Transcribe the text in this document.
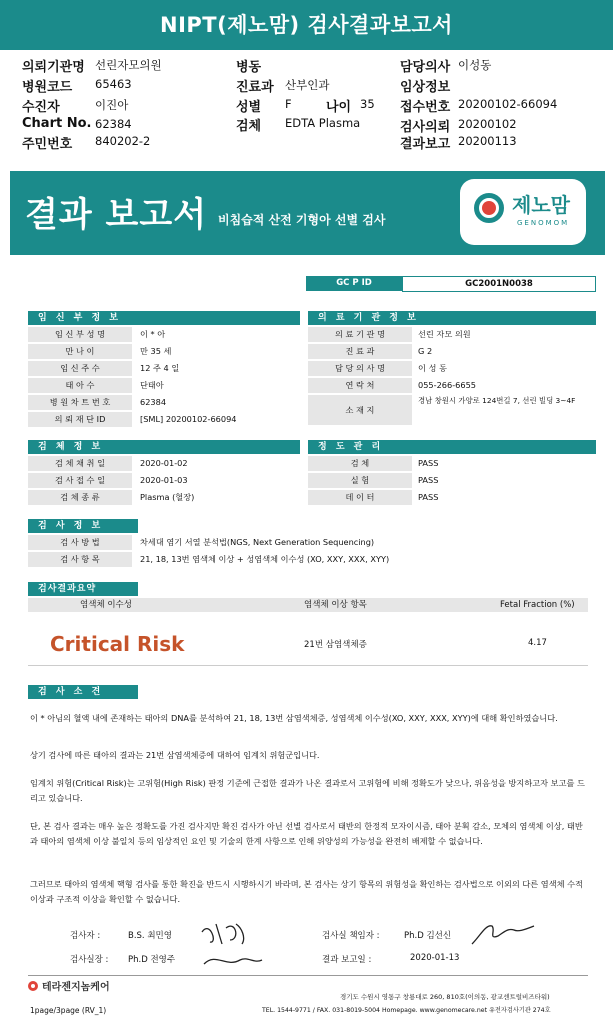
NIPT(제노맘) 검사결과보고서
의뢰기관명 선린자모의원
병원코드 65463
수진자	이진아
Chart No. 62384
주민번호 840202-2
병동
진료과 산부인과
성별 F	나이 35
검체 EDTA Plasma
담당의사 이성동
임상정보
접수번호 20200102-66094
검사의뢰 20200102
결과보고 20200113
결과 보고서 비침습적 산전 기형아 선별 검사
제노맘
GENOMOM
GC P ID	GC2001N0038
임 신 부 정 보
임 신 부 성 명	이 * 아
만 나 이	만 35 세
임 신 주 수	12 주 4 일
태 아 수	단태아
병 원 차 트 번 호	62384
의 뢰 재 단 ID	[SML] 20200102-66094
의 료 기 관 정 보
의 료 기 관 명	선린 자모 의원
진 료 과	G 2
담 당 의 사 명	이 성 동
연 락 처	055-266-6655
소 재 지
경남 창원시 가양로 124번길 7, 선린 빌딩 3~4F
검 체 정 보
검 체 채 취 일	2020-01-02
검 사 접 수 일	2020-01-03
검 체 종 류	Plasma (혈장)
정 도 관 리
검 체	PASS
실 험	PASS
데 이 터	PASS
검 사 정 보
검 사 방 법	차세대 염기 서열 분석법(NGS, Next Generation Sequencing)
검 사 항 목	21, 18, 13번 염색체 이상 + 성염색체 이수성 (XO, XXY, XXX, XYY)
검사결과요약
염색체 이수성	염색체 이상 항목	Fetal Fraction (%)
Critical Risk	21번 삼염색체증	4.17
검 사 소 견
이 * 아님의 혈액 내에 존재하는 태아의 DNA를 분석하여 21, 18, 13번 삼염색체증, 성염색체 이수성(XO, XXY, XXX, XYY)에 대해 확인하였습니다.
상기 검사에 따른 태아의 결과는 21번 삼염색체증에 대하여 임계치 위험군입니다.
임계치 위험(Critical Risk)는 고위험(High Risk) 판정 기준에 근접한 결과가 나온 결과로서 고위험에 비해 정확도가 낮으나, 위음성을 방지하고자 보고를 드리고 있습니다.
단, 본 검사 결과는 매우 높은 정확도를 가진 검사지만 확진 검사가 아닌 선별 검사로서 태반의 한정적 모자이시즘, 태아 분획 감소, 모체의 염색체 이상, 태반과 태아의 염색체 이상 불일치 등의 임상적인 요인 및 기술의 한계 사항으로 인해 위양성의 가능성을 완전히 배제할 수 없습니다.
그러므로 태아의 염색체 핵형 검사를 통한 확진을 반드시 시행하시기 바라며, 본 검사는 상기 항목의 위험성을 확인하는 검사법으로 이외의 다른 염색체 수적 이상과 구조적 이상을 확인할 수 없습니다.
검사자 :	B.S. 최민영	검사실 책임자 :	Ph.D 김선신
검사실장 : Ph.D 전영주	결과 보고일 :	2020-01-13
테라젠지놈케어
경기도 수원시 영통구 창룡대로 260, 810호(이의동, 광교센트럴비즈타워)
TEL. 1544-9771 / FAX. 031-8019-5004 Homepage. www.genomecare.net 유전자검사기관 274호
1page/3page (RV_1)
